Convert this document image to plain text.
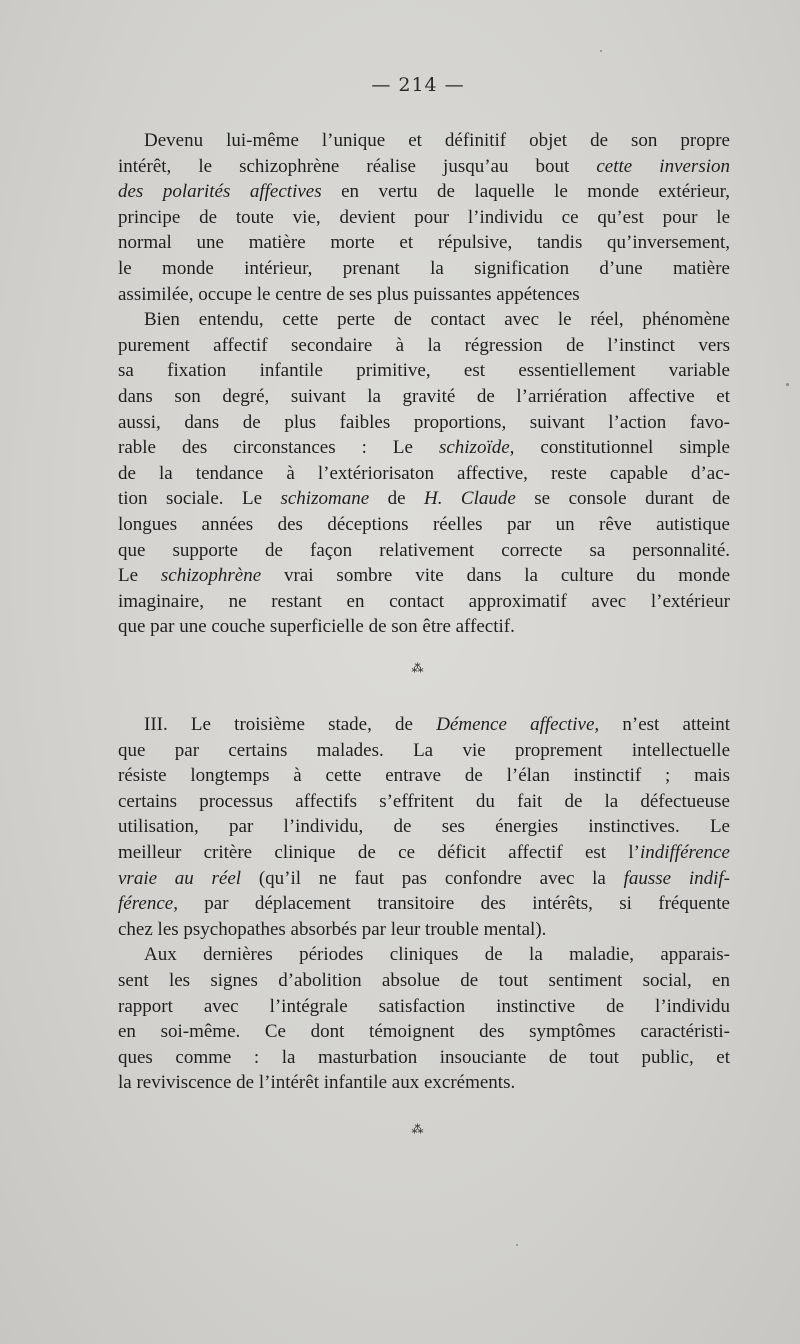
— 214 —
Devenu lui-même l’unique et définitif objet de son propre
intérêt, le schizophrène réalise jusqu’au bout cette inversion
des polarités affectives en vertu de laquelle le monde extérieur,
principe de toute vie, devient pour l’individu ce qu’est pour le
normal une matière morte et répulsive, tandis qu’inversement,
le monde intérieur, prenant la signification d’une matière
assimilée, occupe le centre de ses plus puissantes appétences
Bien entendu, cette perte de contact avec le réel, phénomène
purement affectif secondaire à la régression de l’instinct vers
sa fixation infantile primitive, est essentiellement variable
dans son degré, suivant la gravité de l’arriération affective et
aussi, dans de plus faibles proportions, suivant l’action favo-
rable des circonstances : Le schizoïde, constitutionnel simple
de la tendance à l’extériorisaton affective, reste capable d’ac-
tion sociale. Le schizomane de H. Claude se console durant de
longues années des déceptions réelles par un rêve autistique
que supporte de façon relativement correcte sa personnalité.
Le schizophrène vrai sombre vite dans la culture du monde
imaginaire, ne restant en contact approximatif avec l’extérieur
que par une couche superficielle de son être affectif.
⁂
III. Le troisième stade, de Démence affective, n’est atteint
que par certains malades. La vie proprement intellectuelle
résiste longtemps à cette entrave de l’élan instinctif ; mais
certains processus affectifs s’effritent du fait de la défectueuse
utilisation, par l’individu, de ses énergies instinctives. Le
meilleur critère clinique de ce déficit affectif est l’indifférence
vraie au réel (qu’il ne faut pas confondre avec la fausse indif-
férence, par déplacement transitoire des intérêts, si fréquente
chez les psychopathes absorbés par leur trouble mental).
Aux dernières périodes cliniques de la maladie, apparais-
sent les signes d’abolition absolue de tout sentiment social, en
rapport avec l’intégrale satisfaction instinctive de l’individu
en soi-même. Ce dont témoignent des symptômes caractéristi-
ques comme : la masturbation insouciante de tout public, et
la reviviscence de l’intérêt infantile aux excréments.
⁂
